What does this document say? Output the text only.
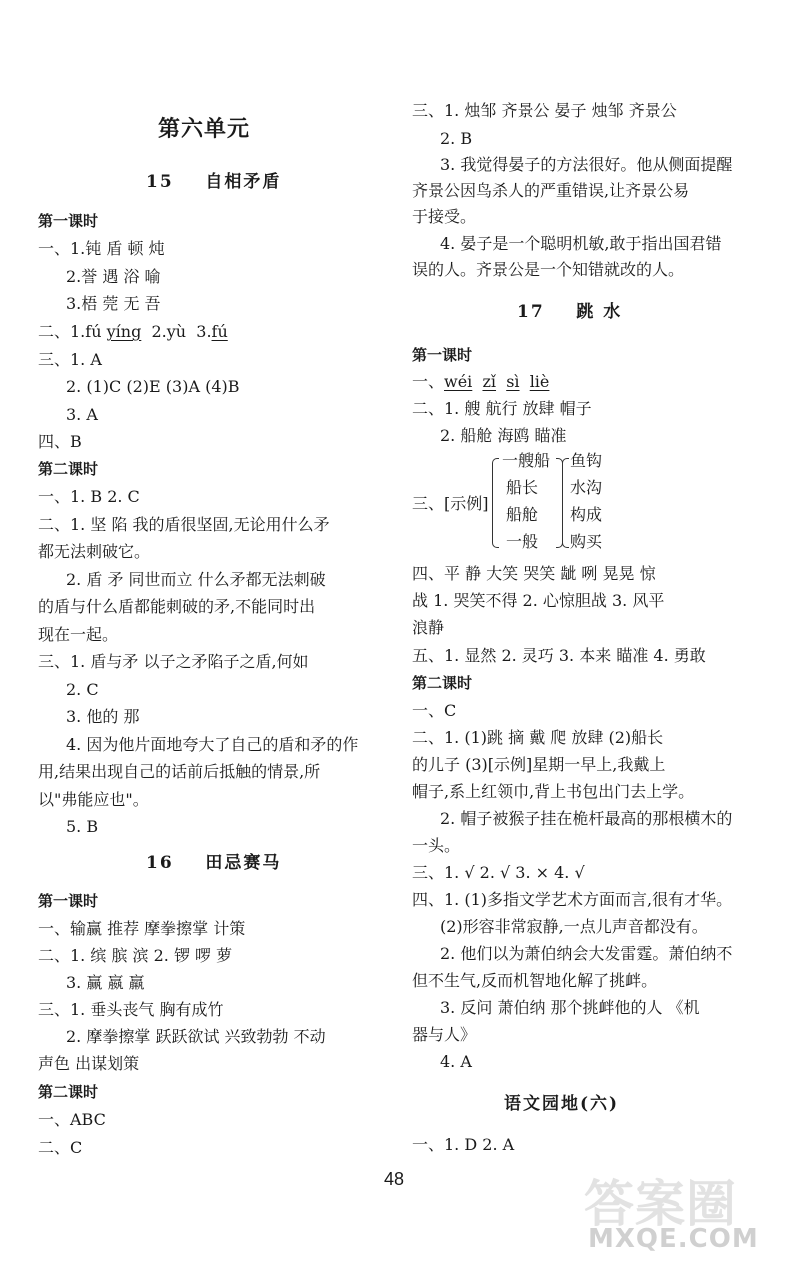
第六单元
15 自相矛盾
第一课时
一、1.钝 盾 顿 炖
2.誉 遇 浴 喻
3.梧 莞 无 吾
二、1.fú yíng 2.yù 3.fú
三、1. A
2. (1)C (2)E (3)A (4)B
3. A
四、B
第二课时
一、1. B 2. C
二、1. 坚 陷 我的盾很坚固,无论用什么矛
都无法刺破它。
2. 盾 矛 同世而立 什么矛都无法刺破
的盾与什么盾都能刺破的矛,不能同时出
现在一起。
三、1. 盾与矛 以子之矛陷子之盾,何如
2. C
3. 他的 那
4. 因为他片面地夸大了自己的盾和矛的作
用,结果出现自己的话前后抵触的情景,所
以"弗能应也"。
5. B
16 田忌赛马
第一课时
一、输赢 推荐 摩拳擦掌 计策
二、1. 缤 膑 滨 2. 锣 啰 萝
3. 赢 嬴 羸
三、1. 垂头丧气 胸有成竹
2. 摩拳擦掌 跃跃欲试 兴致勃勃 不动
声色 出谋划策
第二课时
一、ABC
二、C
三、1. 烛邹 齐景公 晏子 烛邹 齐景公
2. B
3. 我觉得晏子的方法很好。他从侧面提醒
齐景公因鸟杀人的严重错误,让齐景公易
于接受。
4. 晏子是一个聪明机敏,敢于指出国君错
误的人。齐景公是一个知错就改的人。
17 跳 水
第一课时
一、wéi zǐ sì liè
二、1. 艘 航行 放肆 帽子
2. 船舱 海鸥 瞄准
三、[示例]
一艘船
船长
船舱
一般
鱼钩
水沟
构成
购买
四、平 静 大笑 哭笑 龇 咧 晃晃 惊
战 1. 哭笑不得 2. 心惊胆战 3. 风平
浪静
五、1. 显然 2. 灵巧 3. 本来 瞄准 4. 勇敢
第二课时
一、C
二、1. (1)跳 摘 戴 爬 放肆 (2)船长
的儿子 (3)[示例]星期一早上,我戴上
帽子,系上红领巾,背上书包出门去上学。
2. 帽子被猴子挂在桅杆最高的那根横木的
一头。
三、1. √ 2. √ 3. × 4. √
四、1. (1)多指文学艺术方面而言,很有才华。
(2)形容非常寂静,一点儿声音都没有。
2. 他们以为萧伯纳会大发雷霆。萧伯纳不
但不生气,反而机智地化解了挑衅。
3. 反问 萧伯纳 那个挑衅他的人 《机
器与人》
4. A
语文园地(六)
一、1. D 2. A
48	答案圈
MXQE.COM
